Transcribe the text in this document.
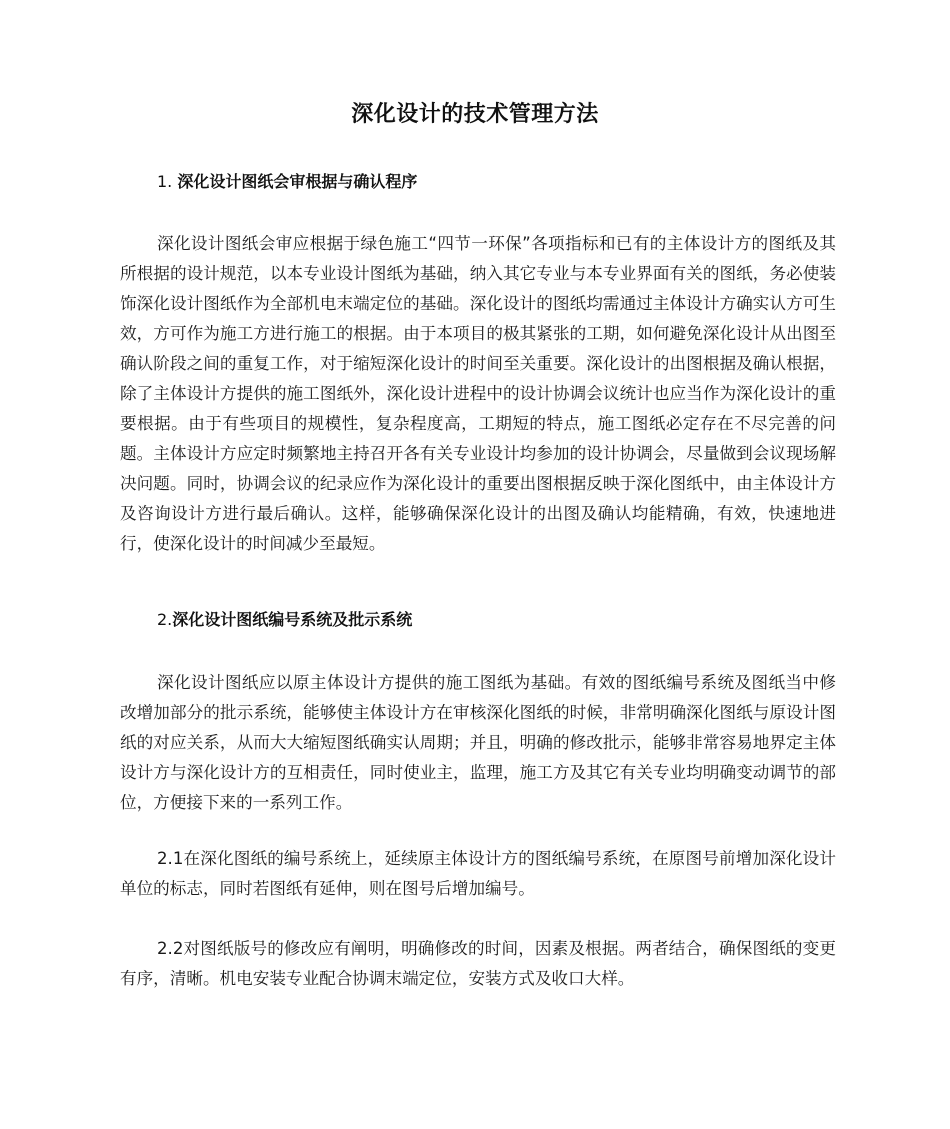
深化设计的技术管理方法
1. 深化设计图纸会审根据与确认程序

深化设计图纸会审应根据于绿色施工“四节一环保”各项指标和已有的主体设计方的图纸及其所根据的设计规范，以本专业设计图纸为基础，纳入其它专业与本专业界面有关的图纸，务必使装饰深化设计图纸作为全部机电末端定位的基础。深化设计的图纸均需通过主体设计方确实认方可生效，方可作为施工方进行施工的根据。由于本项目的极其紧张的工期，如何避免深化设计从出图至确认阶段之间的重复工作，对于缩短深化设计的时间至关重要。深化设计的出图根据及确认根据，除了主体设计方提供的施工图纸外，深化设计进程中的设计协调会议统计也应当作为深化设计的重要根据。由于有些项目的规模性，复杂程度高，工期短的特点，施工图纸必定存在不尽完善的问题。主体设计方应定时频繁地主持召开各有关专业设计均参加的设计协调会，尽量做到会议现场解决问题。同时，协调会议的纪录应作为深化设计的重要出图根据反映于深化图纸中，由主体设计方及咨询设计方进行最后确认。这样，能够确保深化设计的出图及确认均能精确，有效，快速地进行，使深化设计的时间减少至最短。

2.深化设计图纸编号系统及批示系统

深化设计图纸应以原主体设计方提供的施工图纸为基础。有效的图纸编号系统及图纸当中修改增加部分的批示系统，能够使主体设计方在审核深化图纸的时候，非常明确深化图纸与原设计图纸的对应关系，从而大大缩短图纸确实认周期；并且，明确的修改批示，能够非常容易地界定主体设计方与深化设计方的互相责任，同时使业主，监理，施工方及其它有关专业均明确变动调节的部位，方便接下来的一系列工作。

2.1在深化图纸的编号系统上，延续原主体设计方的图纸编号系统，在原图号前增加深化设计单位的标志，同时若图纸有延伸，则在图号后增加编号。

2.2对图纸版号的修改应有阐明，明确修改的时间，因素及根据。两者结合，确保图纸的变更有序，清晰。机电安装专业配合协调末端定位，安装方式及收口大样。
